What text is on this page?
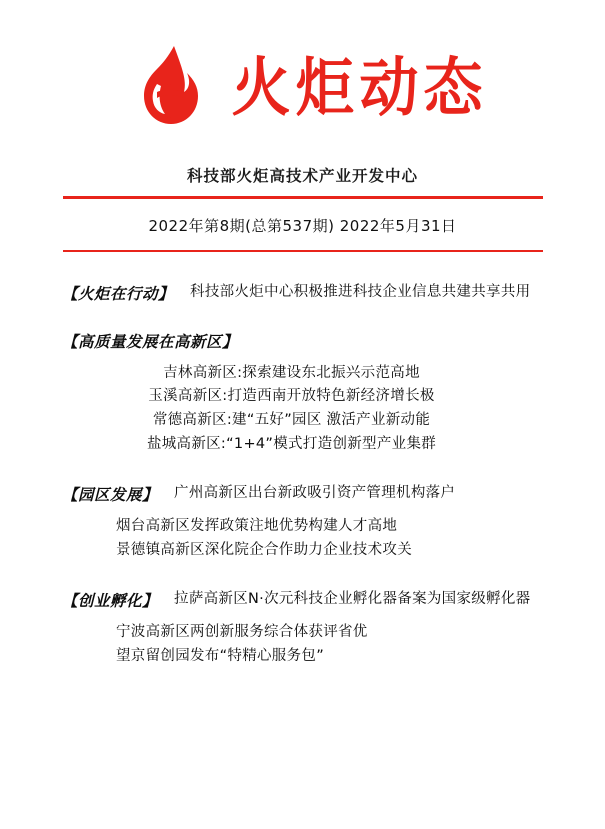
火炬动态
科技部火炬高技术产业开发中心
2022年第8期(总第537期) 2022年5月31日
【火炬在行动】 科技部火炬中心积极推进科技企业信息共建共享共用
【高质量发展在高新区】
吉林高新区:探索建设东北振兴示范高地
玉溪高新区:打造西南开放特色新经济增长极
常德高新区:建“五好”园区 激活产业新动能
盐城高新区:“1+4”模式打造创新型产业集群
【园区发展】 广州高新区出台新政吸引资产管理机构落户
烟台高新区发挥政策注地优势构建人才高地
景德镇高新区深化院企合作助力企业技术攻关
【创业孵化】 拉萨高新区N·次元科技企业孵化器备案为国家级孵化器
宁波高新区两创新服务综合体获评省优
望京留创园发布“特精心服务包”
